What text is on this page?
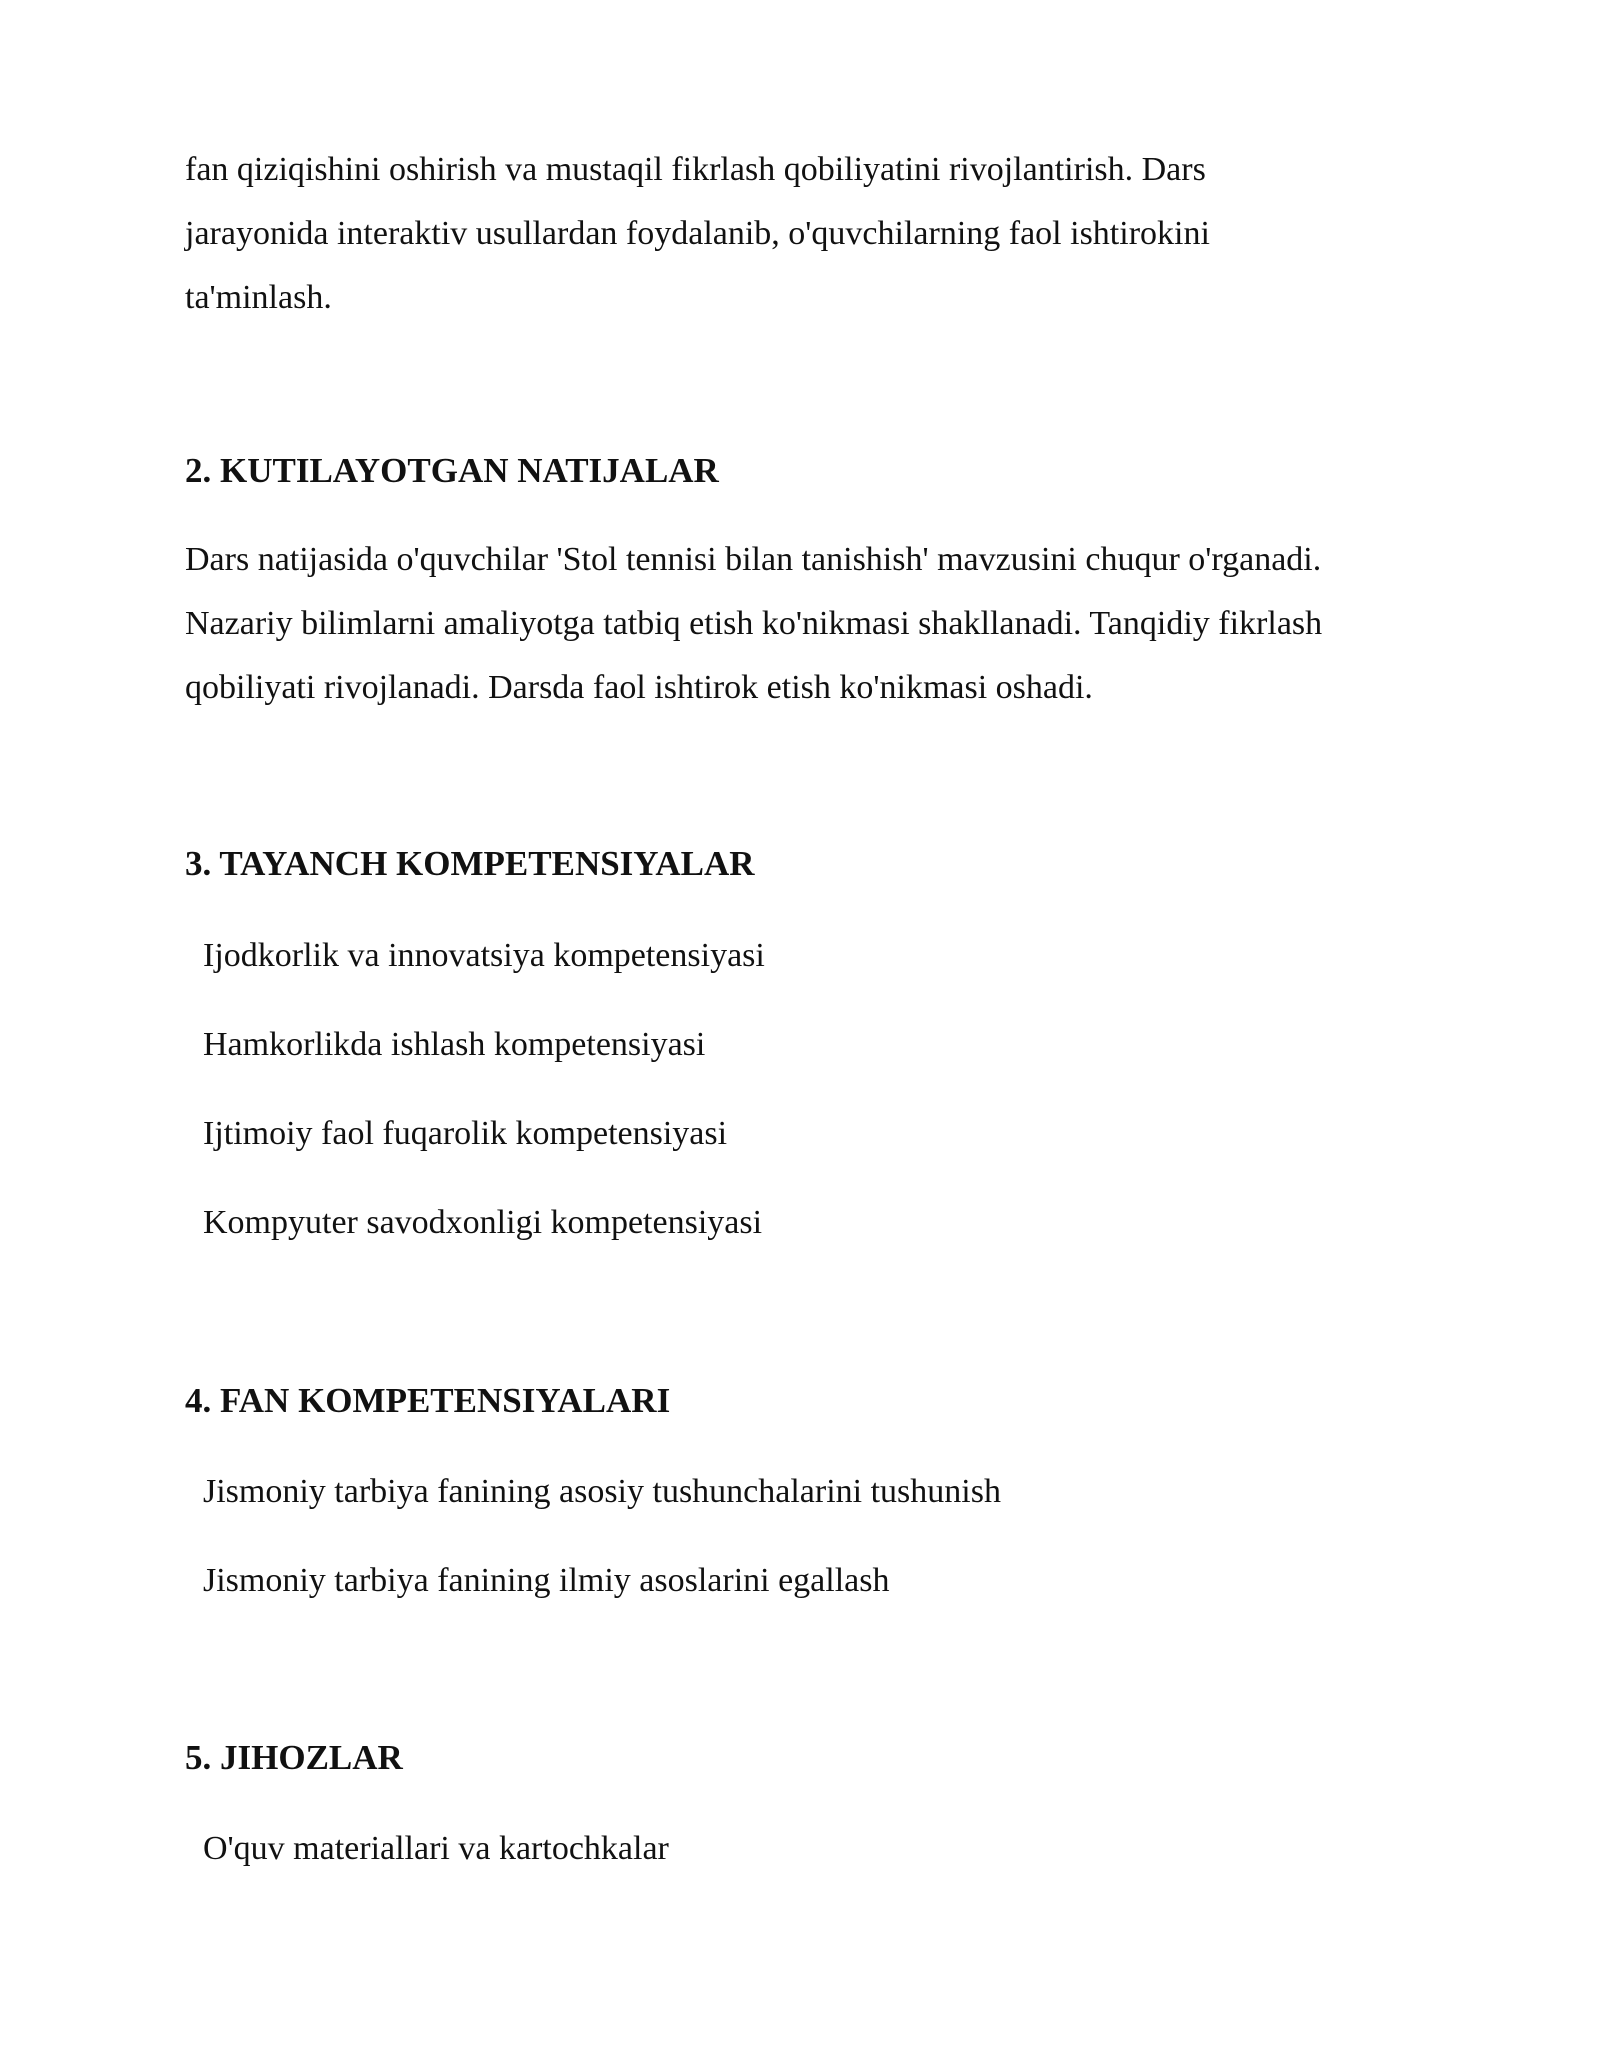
fan qiziqishini oshirish va mustaqil fikrlash qobiliyatini rivojlantirish. Dars
jarayonida interaktiv usullardan foydalanib, o'quvchilarning faol ishtirokini
ta'minlash.

2. KUTILAYOTGAN NATIJALAR

Dars natijasida o'quvchilar 'Stol tennisi bilan tanishish' mavzusini chuqur o'rganadi.
Nazariy bilimlarni amaliyotga tatbiq etish ko'nikmasi shakllanadi. Tanqidiy fikrlash
qobiliyati rivojlanadi. Darsda faol ishtirok etish ko'nikmasi oshadi.

3. TAYANCH KOMPETENSIYALAR

Ijodkorlik va innovatsiya kompetensiyasi

Hamkorlikda ishlash kompetensiyasi

Ijtimoiy faol fuqarolik kompetensiyasi

Kompyuter savodxonligi kompetensiyasi

4. FAN KOMPETENSIYALARI

Jismoniy tarbiya fanining asosiy tushunchalarini tushunish

Jismoniy tarbiya fanining ilmiy asoslarini egallash

5. JIHOZLAR

O'quv materiallari va kartochkalar
